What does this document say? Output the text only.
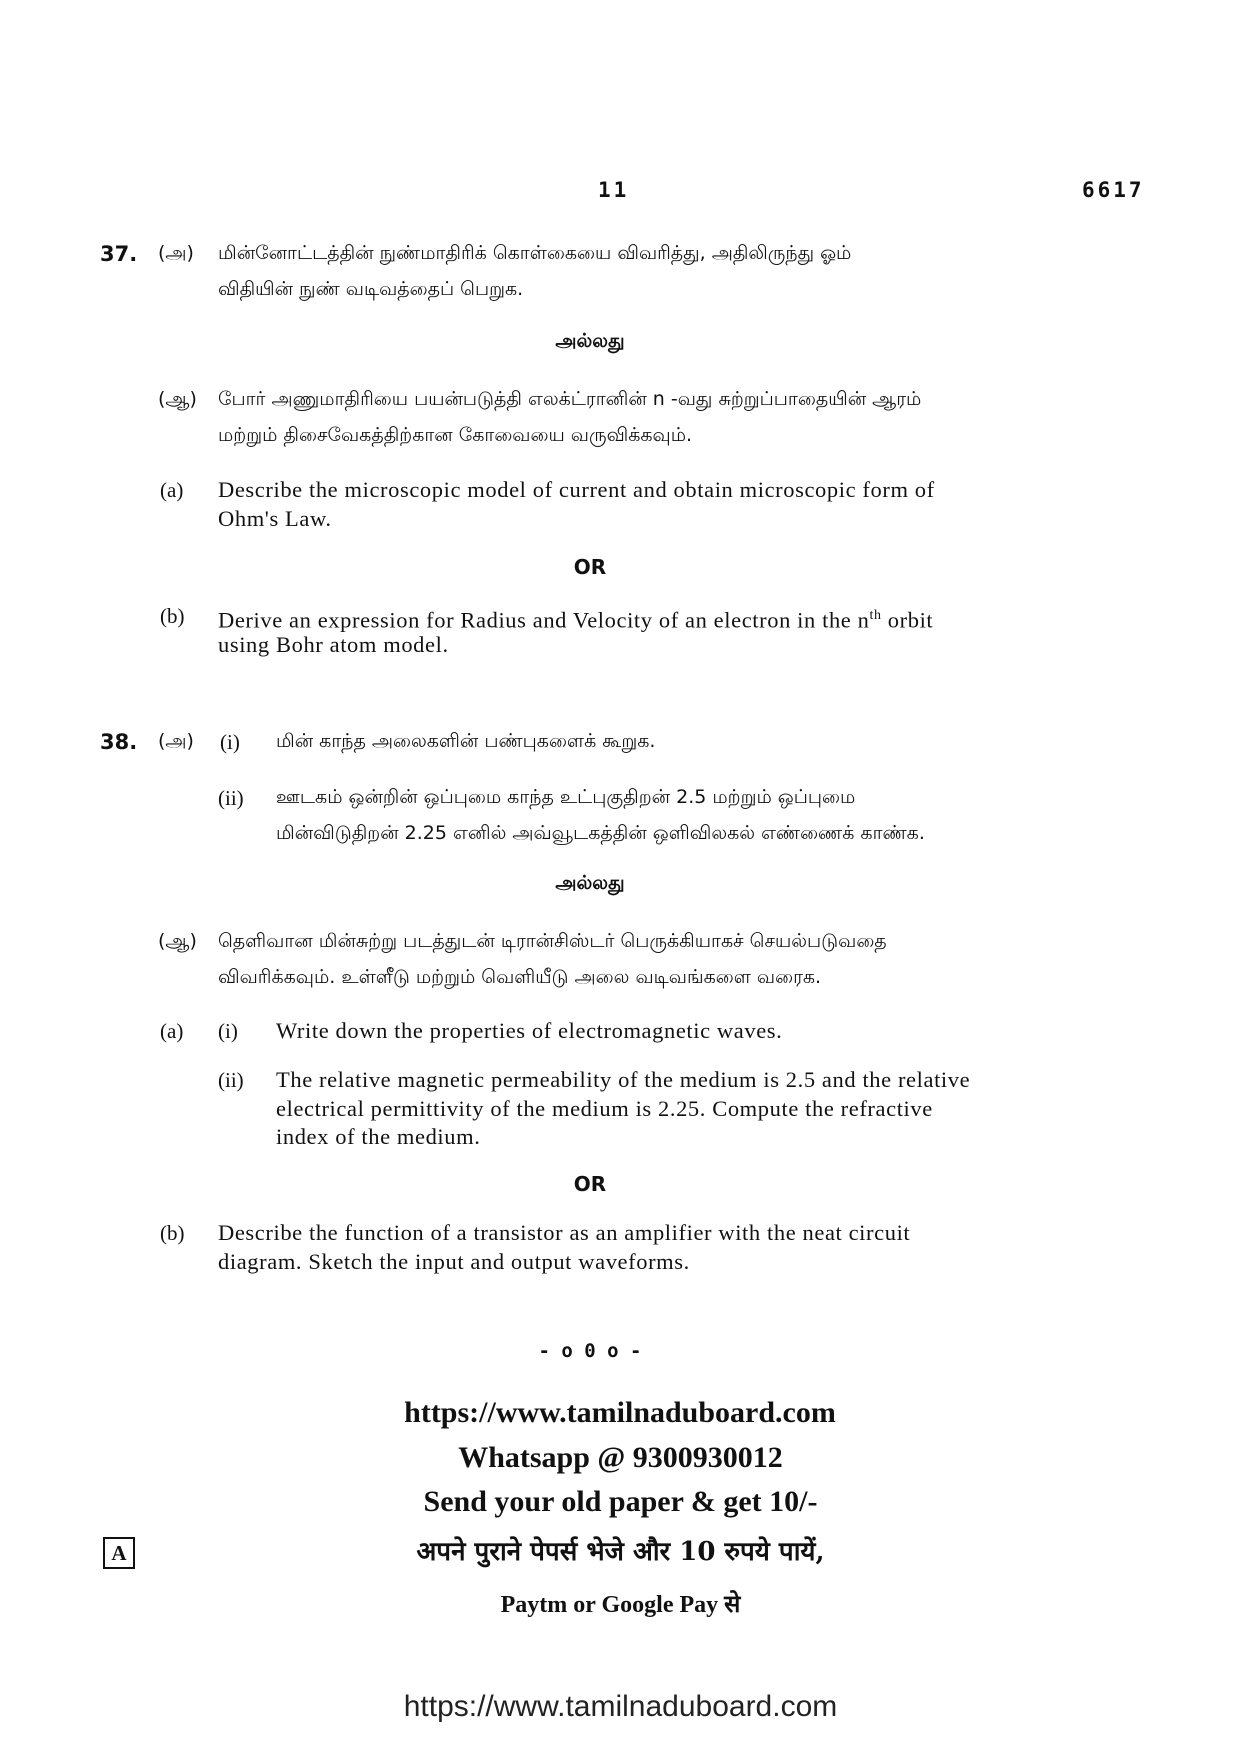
11	6617
37. (அ) மின்னோட்டத்தின் நுண்மாதிரிக் கொள்கையை விவரித்து, அதிலிருந்து ஓம்
விதியின் நுண் வடிவத்தைப் பெறுக.
அல்லது
(ஆ) போர் அணுமாதிரியை பயன்படுத்தி எலக்ட்ரானின் n -வது சுற்றுப்பாதையின் ஆரம்
மற்றும் திசைவேகத்திற்கான கோவையை வருவிக்கவும்.
(a) Describe the microscopic model of current and obtain microscopic form of
Ohm's Law.
OR
(b) Derive an expression for Radius and Velocity of an electron in the $n^{th}$ orbit
using Bohr atom model.
38. (அ) (i) மின் காந்த அலைகளின் பண்புகளைக் கூறுக.
(ii) ஊடகம் ஒன்றின் ஒப்புமை காந்த உட்புகுதிறன் 2.5 மற்றும் ஒப்புமை
மின்விடுதிறன் 2.25 எனில் அவ்வூடகத்தின் ஒளிவிலகல் எண்ணைக் காண்க.
அல்லது
(ஆ) தெளிவான மின்சுற்று படத்துடன் டிரான்சிஸ்டர் பெருக்கியாகச் செயல்படுவதை
விவரிக்கவும். உள்ளீடு மற்றும் வெளியீடு அலை வடிவங்களை வரைக.
(a) (i) Write down the properties of electromagnetic waves.
(ii) The relative magnetic permeability of the medium is 2.5 and the relative
electrical permittivity of the medium is 2.25. Compute the refractive
index of the medium.
OR
(b) Describe the function of a transistor as an amplifier with the neat circuit
diagram. Sketch the input and output waveforms.
- o 0 o -
https://www.tamilnaduboard.com
Whatsapp @ 9300930012
Send your old paper & get 10/-
अपने पुराने पेपर्स भेजे और 10 रुपये पायें,
Paytm or Google Pay से
A
https://www.tamilnaduboard.com
